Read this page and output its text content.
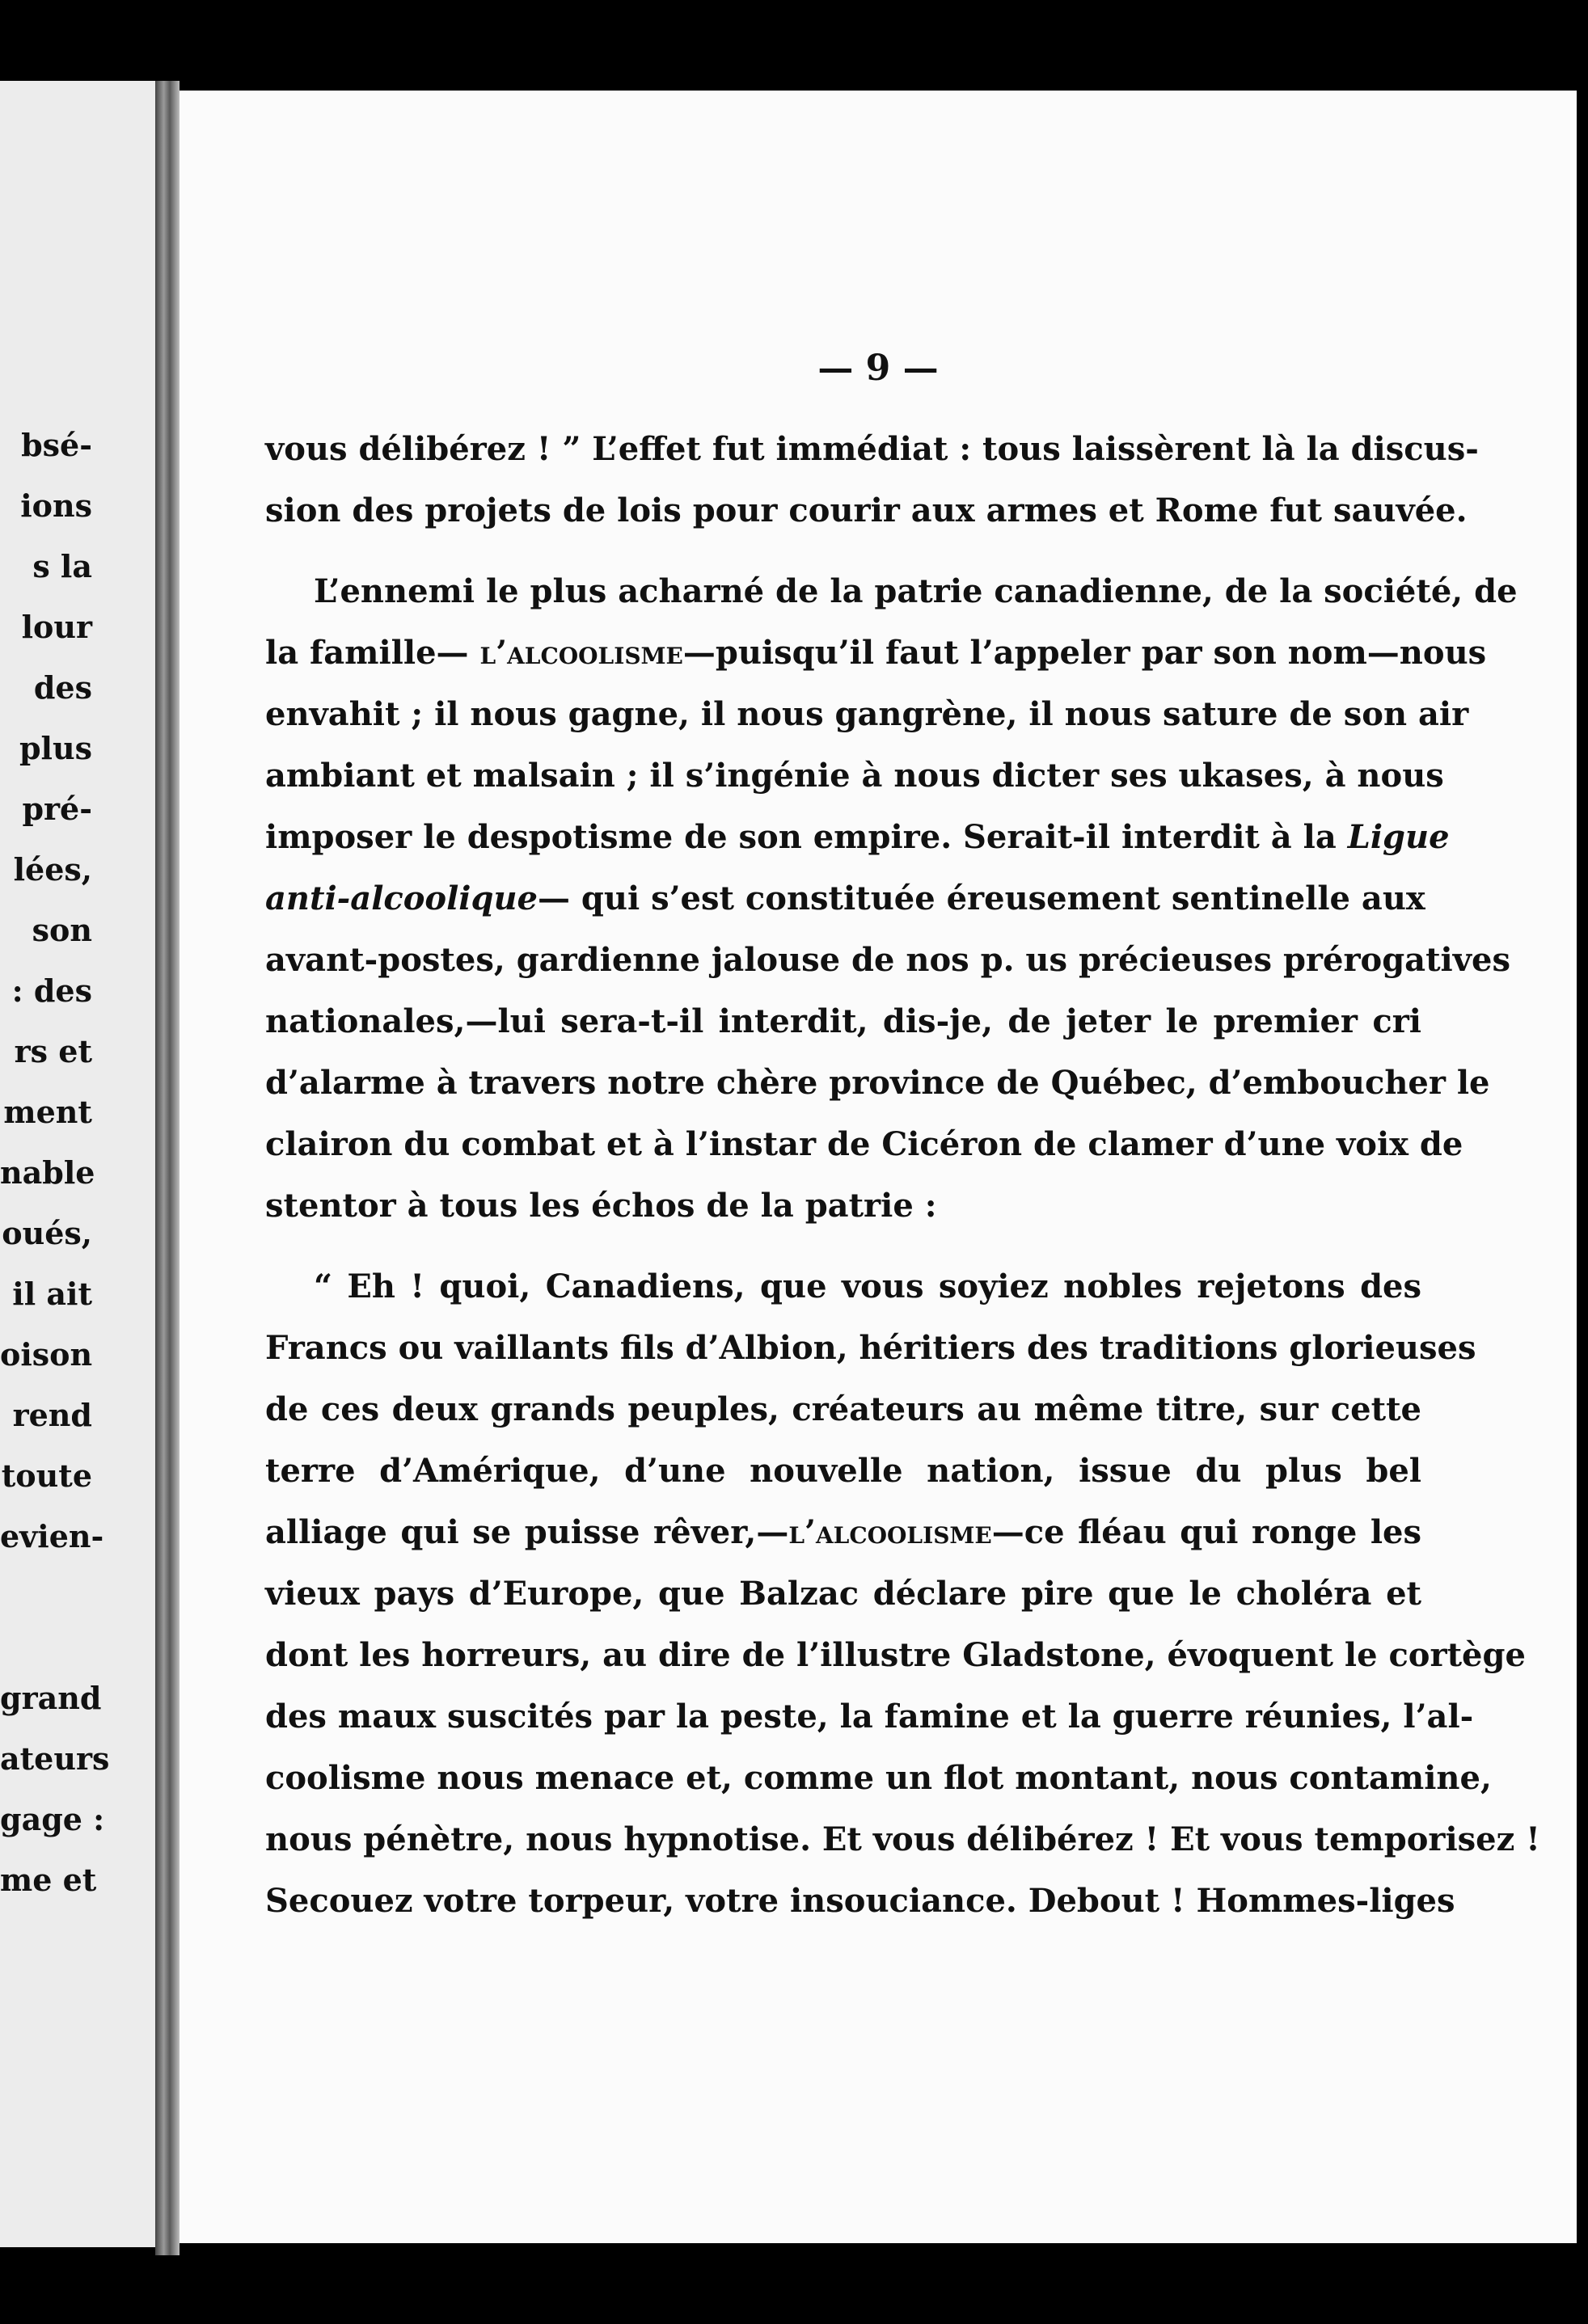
bsé-
ions
s la
lour
des
plus
pré-
lées,
son
: des
rs et
ment
nable
oués,
il ait
oison
rend
toute
evien-
grand
ateurs
gage :
me et
— 9 —
vous délibérez ! ” L’effet fut immédiat : tous laissèrent là la discus-
sion des projets de lois pour courir aux armes et Rome fut sauvée.
L’ennemi le plus acharné de la patrie canadienne, de la société, de
la famille— l’alcoolisme—puisqu’il faut l’appeler par son nom—nous
envahit ; il nous gagne, il nous gangrène, il nous sature de son air
ambiant et malsain ; il s’ingénie à nous dicter ses ukases, à nous
imposer le despotisme de son empire. Serait-il interdit à la Ligue
anti-alcoolique— qui s’est constituée éreusement sentinelle aux
avant-postes, gardienne jalouse de nos p. us précieuses prérogatives
nationales,—lui sera-t-il interdit, dis-je, de jeter le premier cri
d’alarme à travers notre chère province de Québec, d’emboucher le
clairon du combat et à l’instar de Cicéron de clamer d’une voix de
stentor à tous les échos de la patrie :
“ Eh ! quoi, Canadiens, que vous soyiez nobles rejetons des
Francs ou vaillants fils d’Albion, héritiers des traditions glorieuses
de ces deux grands peuples, créateurs au même titre, sur cette
terre d’Amérique, d’une nouvelle nation, issue du plus bel
alliage qui se puisse rêver,—l’alcoolisme—ce fléau qui ronge les
vieux pays d’Europe, que Balzac déclare pire que le choléra et
dont les horreurs, au dire de l’illustre Gladstone, évoquent le cortège
des maux suscités par la peste, la famine et la guerre réunies, l’al-
coolisme nous menace et, comme un flot montant, nous contamine,
nous pénètre, nous hypnotise. Et vous délibérez ! Et vous temporisez !
Secouez votre torpeur, votre insouciance. Debout ! Hommes-liges
